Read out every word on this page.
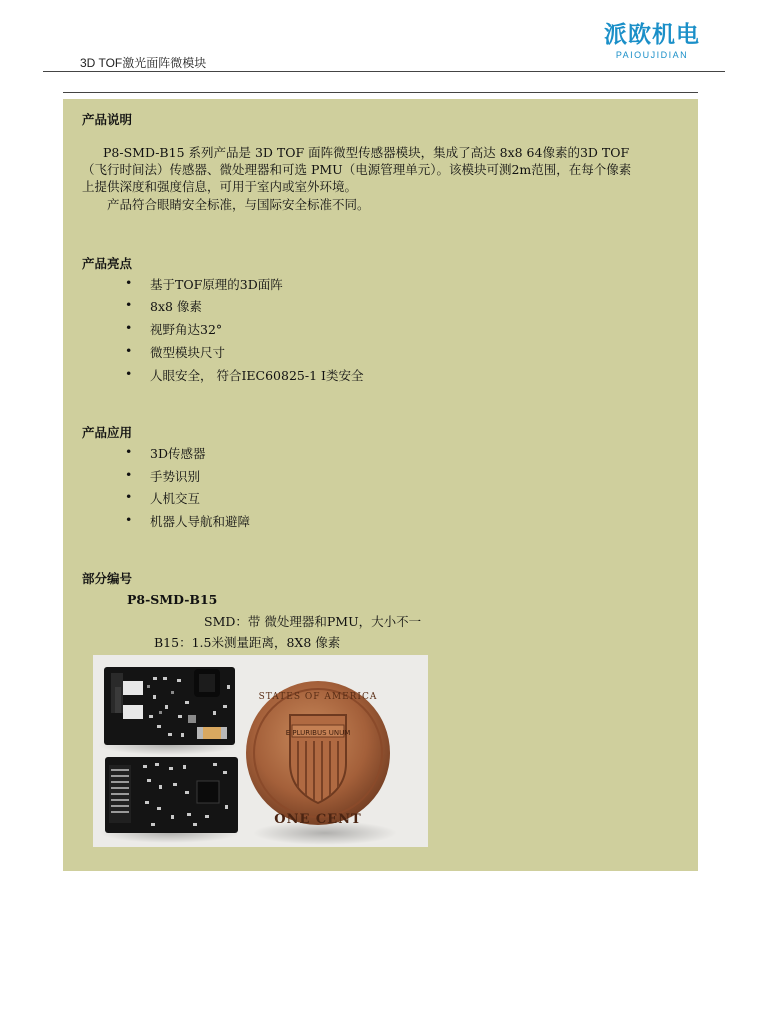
3D TOF激光面阵微模块
派欧机电
PAIOUJIDIAN
产品说明
P8-SMD-B15 系列产品是 3D TOF 面阵微型传感器模块，集成了高达 8x8 64像素的3D TOF
（飞行时间法）传感器、微处理器和可选 PMU（电源管理单元）。该模块可测2m范围，在每个像素
上提供深度和强度信息，可用于室内或室外环境。
产品符合眼睛安全标准，与国际安全标准不同。
产品亮点
• 基于TOF原理的3D面阵
• 8x8 像素
• 视野角达32°
• 微型模块尺寸
• 人眼安全， 符合IEC60825-1 I类安全
产品应用
• 3D传感器
• 手势识别
• 人机交互
• 机器人导航和避障
部分编号
P8-SMD-B15
SMD：带 微处理器和PMU，大小不一
B15：1.5米测量距离，8X8 像素
E PLURIBUS UNUM
STATES OF AMERICA
ONE CENT
